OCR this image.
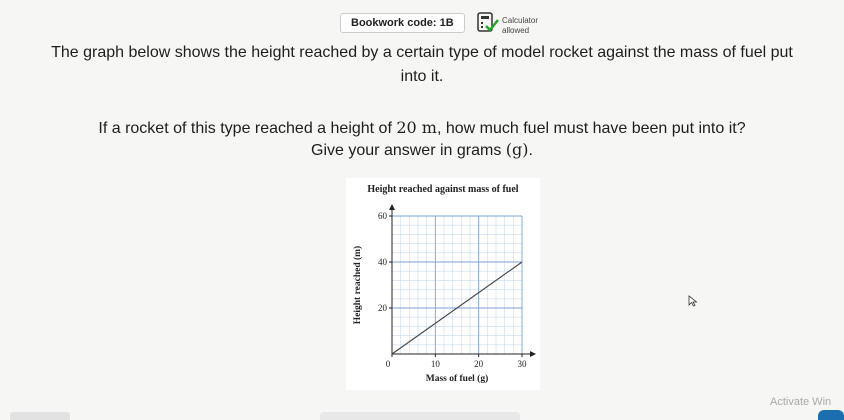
Bookwork code: 1B	Calculator
allowed
The graph below shows the height reached by a certain type of model rocket against the mass of fuel put
into it.
If a rocket of this type reached a height of 20 m, how much fuel must have been put into it?
Give your answer in grams (g).
Height reached against mass of fuel
20
40
60
0	10	20	30
Mass of fuel (g)
Height reached (m)
Activate Win
